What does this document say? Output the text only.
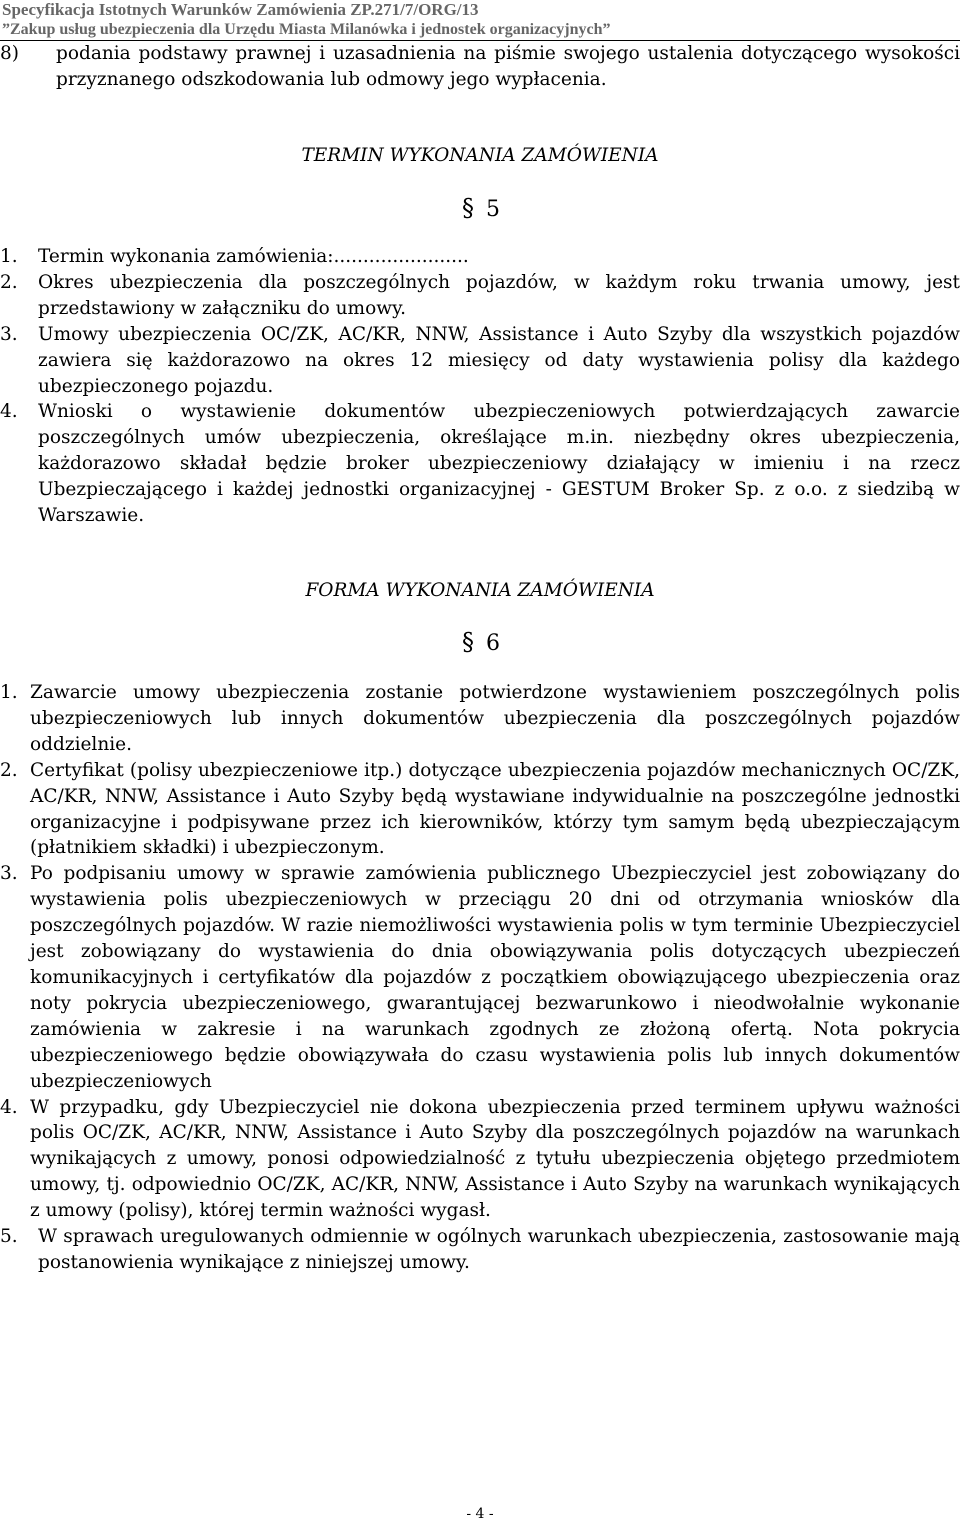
Specyfikacja Istotnych Warunków Zamówienia ZP.271/7/ORG/13
”Zakup usług ubezpieczenia dla Urzędu Miasta Milanówka i jednostek organizacyjnych”
8)	podania podstawy prawnej i uzasadnienia na piśmie swojego ustalenia dotyczącego wysokości przyznanego odszkodowania lub odmowy jego wypłacenia.
TERMIN WYKONANIA ZAMÓWIENIA
§ 5
1.	Termin wykonania zamówienia:.......................
2.	Okres ubezpieczenia dla poszczególnych pojazdów, w każdym roku trwania umowy, jest przedstawiony w załączniku do umowy.
3.	Umowy ubezpieczenia OC/ZK, AC/KR, NNW, Assistance i Auto Szyby dla wszystkich pojazdów zawiera się każdorazowo na okres 12 miesięcy od daty wystawienia polisy dla każdego ubezpieczonego pojazdu.
4.	Wnioski o wystawienie dokumentów ubezpieczeniowych potwierdzających zawarcie poszczególnych umów ubezpieczenia, określające m.in. niezbędny okres ubezpieczenia, każdorazowo składał będzie broker ubezpieczeniowy działający w imieniu i na rzecz Ubezpieczającego i każdej jednostki organizacyjnej - GESTUM Broker Sp. z o.o. z siedzibą w Warszawie.
FORMA WYKONANIA ZAMÓWIENIA
§ 6
1. Zawarcie umowy ubezpieczenia zostanie potwierdzone wystawieniem poszczególnych polis ubezpieczeniowych lub innych dokumentów ubezpieczenia dla poszczególnych pojazdów oddzielnie.
2. Certyfikat (polisy ubezpieczeniowe itp.) dotyczące ubezpieczenia pojazdów mechanicznych OC/ZK, AC/KR, NNW, Assistance i Auto Szyby będą wystawiane indywidualnie na poszczególne jednostki organizacyjne i podpisywane przez ich kierowników, którzy tym samym będą ubezpieczającym (płatnikiem składki) i ubezpieczonym.
3. Po podpisaniu umowy w sprawie zamówienia publicznego Ubezpieczyciel jest zobowiązany do wystawienia polis ubezpieczeniowych w przeciągu 20 dni od otrzymania wniosków dla poszczególnych pojazdów. W razie niemożliwości wystawienia polis w tym terminie Ubezpieczyciel jest zobowiązany do wystawienia do dnia obowiązywania polis dotyczących ubezpieczeń komunikacyjnych i certyfikatów dla pojazdów z początkiem obowiązującego ubezpieczenia oraz noty pokrycia ubezpieczeniowego, gwarantującej bezwarunkowo i nieodwołalnie wykonanie zamówienia w zakresie i na warunkach zgodnych ze złożoną ofertą. Nota pokrycia ubezpieczeniowego będzie obowiązywała do czasu wystawienia polis lub innych dokumentów ubezpieczeniowych
4. W przypadku, gdy Ubezpieczyciel nie dokona ubezpieczenia przed terminem upływu ważności polis OC/ZK, AC/KR, NNW, Assistance i Auto Szyby dla poszczególnych pojazdów na warunkach wynikających z umowy, ponosi odpowiedzialność z tytułu ubezpieczenia objętego przedmiotem umowy, tj. odpowiednio OC/ZK, AC/KR, NNW, Assistance i Auto Szyby na warunkach wynikających z umowy (polisy), której termin ważności wygasł.
5.	W sprawach uregulowanych odmiennie w ogólnych warunkach ubezpieczenia, zastosowanie mają postanowienia wynikające z niniejszej umowy.
- 4 -
